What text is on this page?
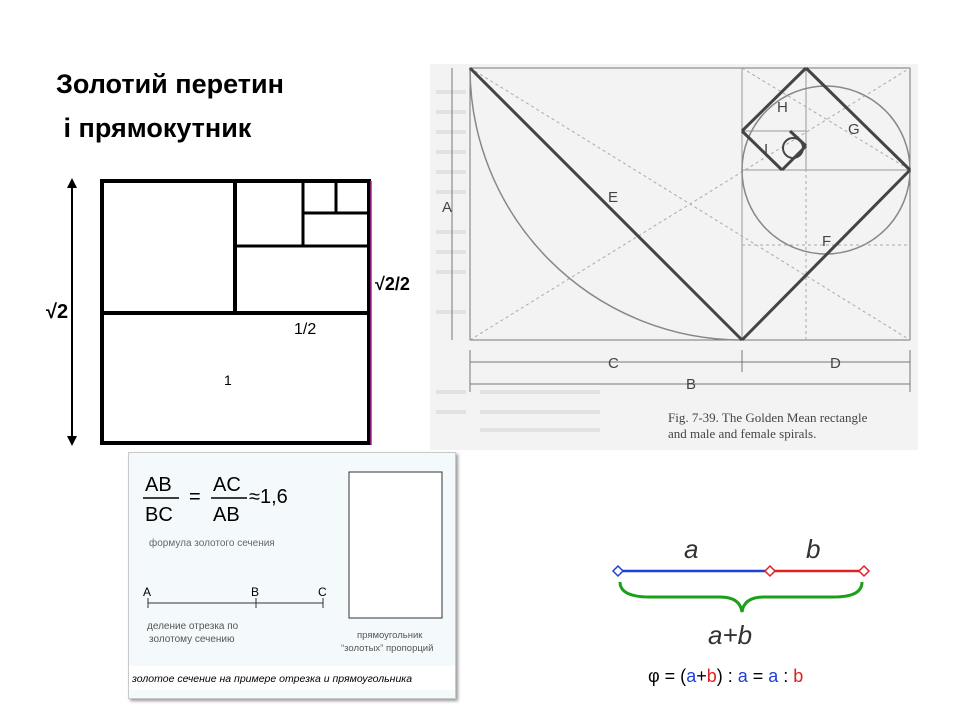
Золотий перетин
і прямокутник
√2
√2/2
1/2
1
A
C	D
B
E
F
G
H
I
Fig. 7-39. The Golden Mean rectangle
and male and female spirals.
AB
BC
=
AC
AB
≈1,6
формула золотого сечения
A	B	C
деление отрезка по
золотому сечению	прямоугольник
“золотых” пропорций
золотое сечение на примере отрезка и прямоугольника
a	b
a+b
φ = (a+b) : a = a : b
